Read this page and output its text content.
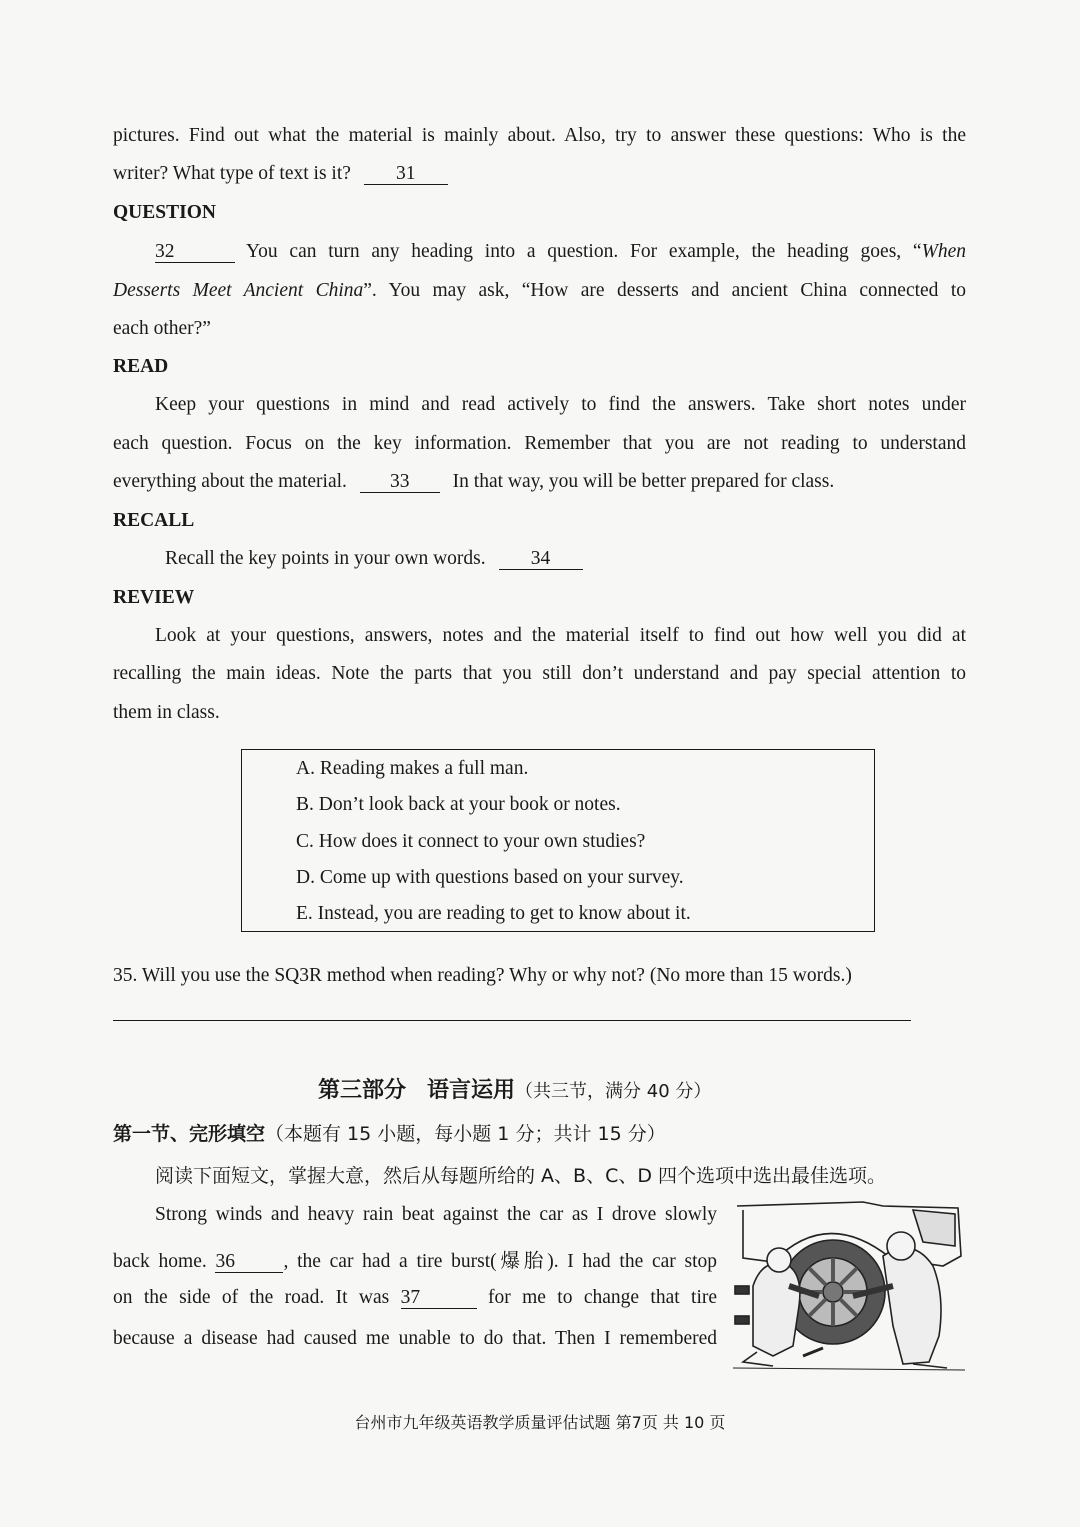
pictures. Find out what the material is mainly about. Also, try to answer these questions: Who is the
writer? What type of text is it? 31
QUESTION
32	You can turn any heading into a question. For example, the heading goes, “When
Desserts Meet Ancient China”. You may ask, “How are desserts and ancient China connected to
each other?”
READ
Keep your questions in mind and read actively to find the answers. Take short notes under
each question. Focus on the key information. Remember that you are not reading to understand
everything about the material. 33 In that way, you will be better prepared for class.
RECALL
Recall the key points in your own words. 34
REVIEW
Look at your questions, answers, notes and the material itself to find out how well you did at
recalling the main ideas. Note the parts that you still don’t understand and pay special attention to
them in class.
A. Reading makes a full man.
B. Don’t look back at your book or notes.
C. How does it connect to your own studies?
D. Come up with questions based on your survey.
E. Instead, you are reading to get to know about it.
35. Will you use the SQ3R method when reading? Why or why not? (No more than 15 words.)
第三部分 语言运用（共三节，满分 40 分）
第一节、完形填空（本题有 15 小题，每小题 1 分；共计 15 分）
阅读下面短文，掌握大意，然后从每题所给的 A、B、C、D 四个选项中选出最佳选项。
Strong winds and heavy rain beat against the car as I drove slowly
back home. 36 , the car had a tire burst(爆胎). I had the car stop
on the side of the road. It was 37	for me to change that tire
because a disease had caused me unable to do that. Then I remembered
台州市九年级英语教学质量评估试题 第7页 共 10 页
